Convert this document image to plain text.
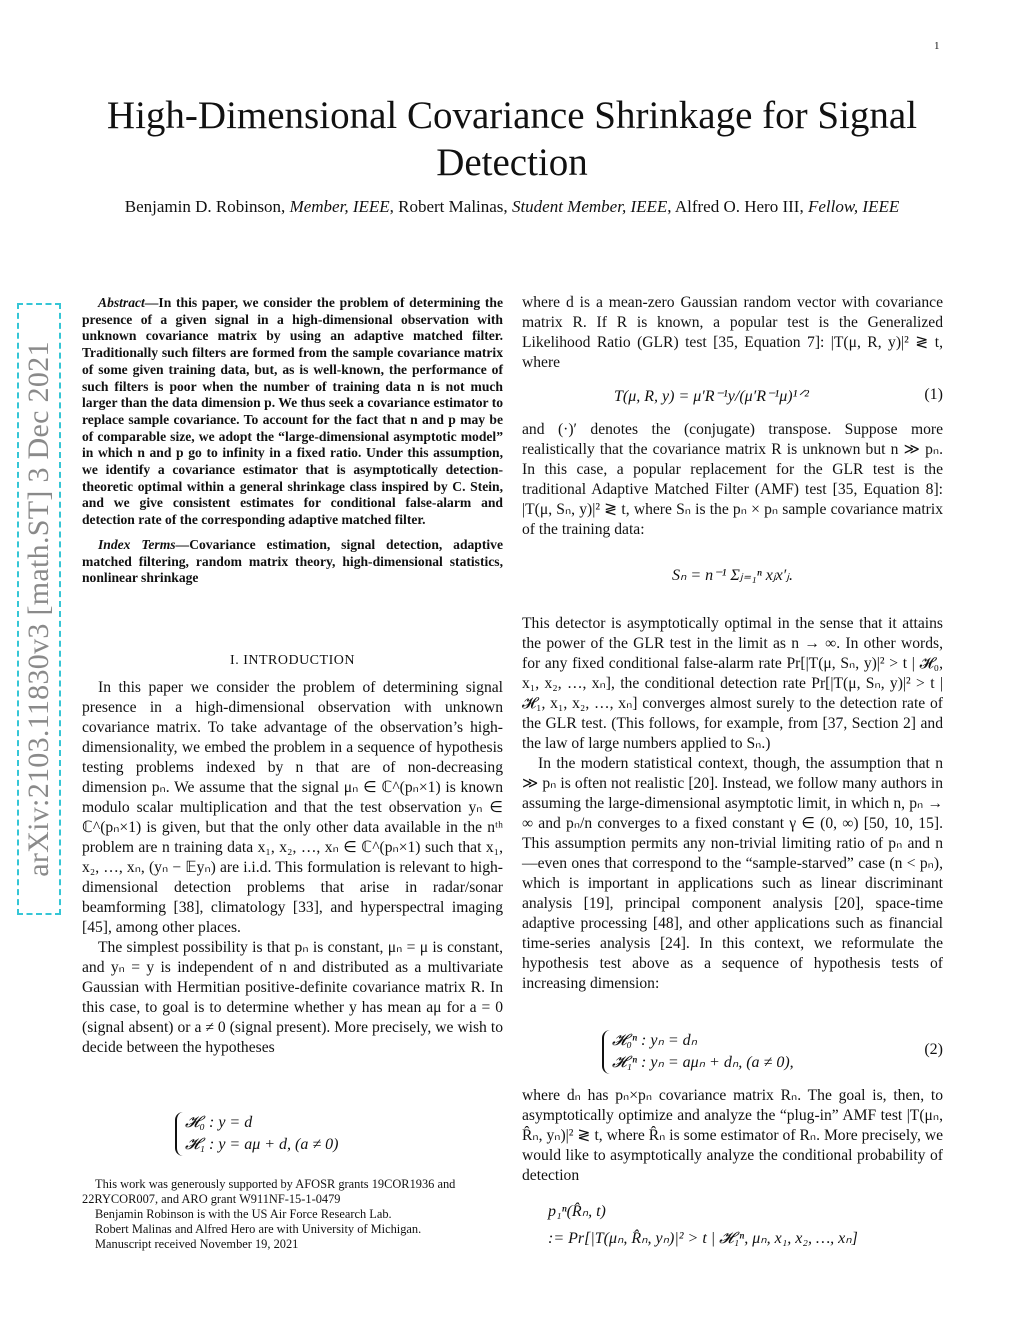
1
High-Dimensional Covariance Shrinkage for Signal Detection
Benjamin D. Robinson, Member, IEEE, Robert Malinas, Student Member, IEEE, Alfred O. Hero III, Fellow, IEEE
arXiv:2103.11830v3 [math.ST] 3 Dec 2021

Abstract—In this paper, we consider the problem of determining the presence of a given signal in a high-dimensional observation with unknown covariance matrix by using an adaptive matched filter. Traditionally such filters are formed from the sample covariance matrix of some given training data, but, as is well-known, the performance of such filters is poor when the number of training data n is not much larger than the data dimension p. We thus seek a covariance estimator to replace sample covariance. To account for the fact that n and p may be of comparable size, we adopt the “large-dimensional asymptotic model” in which n and p go to infinity in a fixed ratio. Under this assumption, we identify a covariance estimator that is asymptotically detection-theoretic optimal within a general shrinkage class inspired by C. Stein, and we give consistent estimates for conditional false-alarm and detection rate of the corresponding adaptive matched filter.

Index Terms—Covariance estimation, signal detection, adaptive matched filtering, random matrix theory, high-dimensional statistics, nonlinear shrinkage

I. INTRODUCTION

In this paper we consider the problem of determining signal presence in a high-dimensional observation with unknown covariance matrix. To take advantage of the observation’s high-dimensionality, we embed the problem in a sequence of hypothesis testing problems indexed by n that are of non-decreasing dimension pₙ. We assume that the signal μₙ ∈ ℂ^(pₙ×1) is known modulo scalar multiplication and that the test observation yₙ ∈ ℂ^(pₙ×1) is given, but that the only other data available in the nᵗʰ problem are n training data x₁, x₂, …, xₙ ∈ ℂ^(pₙ×1) such that x₁, x₂, …, xₙ, (yₙ − 𝔼yₙ) are i.i.d. This formulation is relevant to high-dimensional detection problems that arise in radar/sonar beamforming [38], climatology [33], and hyperspectral imaging [45], among other places.

The simplest possibility is that pₙ is constant, μₙ = μ is constant, and yₙ = y is independent of n and distributed as a multivariate Gaussian with Hermitian positive-definite covariance matrix R. In this case, to goal is to determine whether y has mean aμ for a = 0 (signal absent) or a ≠ 0 (signal present). More precisely, we wish to decide between the hypotheses

𝓗₀ : y = d
𝓗₁ : y = aμ + d, (a ≠ 0)
This work was generously supported by AFOSR grants 19COR1936 and 22RYCOR007, and ARO grant W911NF-15-1-0479
Benjamin Robinson is with the US Air Force Research Lab.
Robert Malinas and Alfred Hero are with University of Michigan.
Manuscript received November 19, 2021

where d is a mean-zero Gaussian random vector with covariance matrix R. If R is known, a popular test is the Generalized Likelihood Ratio (GLR) test [35, Equation 7]: |T(μ, R, y)|² ≷ t, where

T(μ, R, y) = μ′R⁻¹y/(μ′R⁻¹μ)¹ᐟ²	(1)

and (·)′ denotes the (conjugate) transpose. Suppose more realistically that the covariance matrix R is unknown but n ≫ pₙ. In this case, a popular replacement for the GLR test is the traditional Adaptive Matched Filter (AMF) test [35, Equation 8]: |T(μ, Sₙ, y)|² ≷ t, where Sₙ is the pₙ × pₙ sample covariance matrix of the training data:

Sₙ = n⁻¹ Σⱼ₌₁ⁿ xⱼx′ⱼ.

This detector is asymptotically optimal in the sense that it attains the power of the GLR test in the limit as n → ∞. In other words, for any fixed conditional false-alarm rate Pr[|T(μ, Sₙ, y)|² > t | 𝓗₀, x₁, x₂, …, xₙ], the conditional detection rate Pr[|T(μ, Sₙ, y)|² > t | 𝓗₁, x₁, x₂, …, xₙ] converges almost surely to the detection rate of the GLR test. (This follows, for example, from [37, Section 2] and the law of large numbers applied to Sₙ.)

In the modern statistical context, though, the assumption that n ≫ pₙ is often not realistic [20]. Instead, we follow many authors in assuming the large-dimensional asymptotic limit, in which n, pₙ → ∞ and pₙ/n converges to a fixed constant γ ∈ (0, ∞) [50, 10, 15]. This assumption permits any non-trivial limiting ratio of pₙ and n—even ones that correspond to the “sample-starved” case (n < pₙ), which is important in applications such as linear discriminant analysis [19], principal component analysis [20], space-time adaptive processing [48], and other applications such as financial time-series analysis [24]. In this context, we reformulate the hypothesis test above as a sequence of hypothesis tests of increasing dimension:

𝓗₀ⁿ : yₙ = dₙ
𝓗₁ⁿ : yₙ = aμₙ + dₙ, (a ≠ 0),
(2)

where dₙ has pₙ×pₙ covariance matrix Rₙ. The goal is, then, to asymptotically optimize and analyze the “plug-in” AMF test |T(μₙ, R̂ₙ, yₙ)|² ≷ t, where R̂ₙ is some estimator of Rₙ. More precisely, we would like to asymptotically analyze the conditional probability of detection

p₁ⁿ(R̂ₙ, t)
:= Pr[|T(μₙ, R̂ₙ, yₙ)|² > t | 𝓗₁ⁿ, μₙ, x₁, x₂, …, xₙ]
